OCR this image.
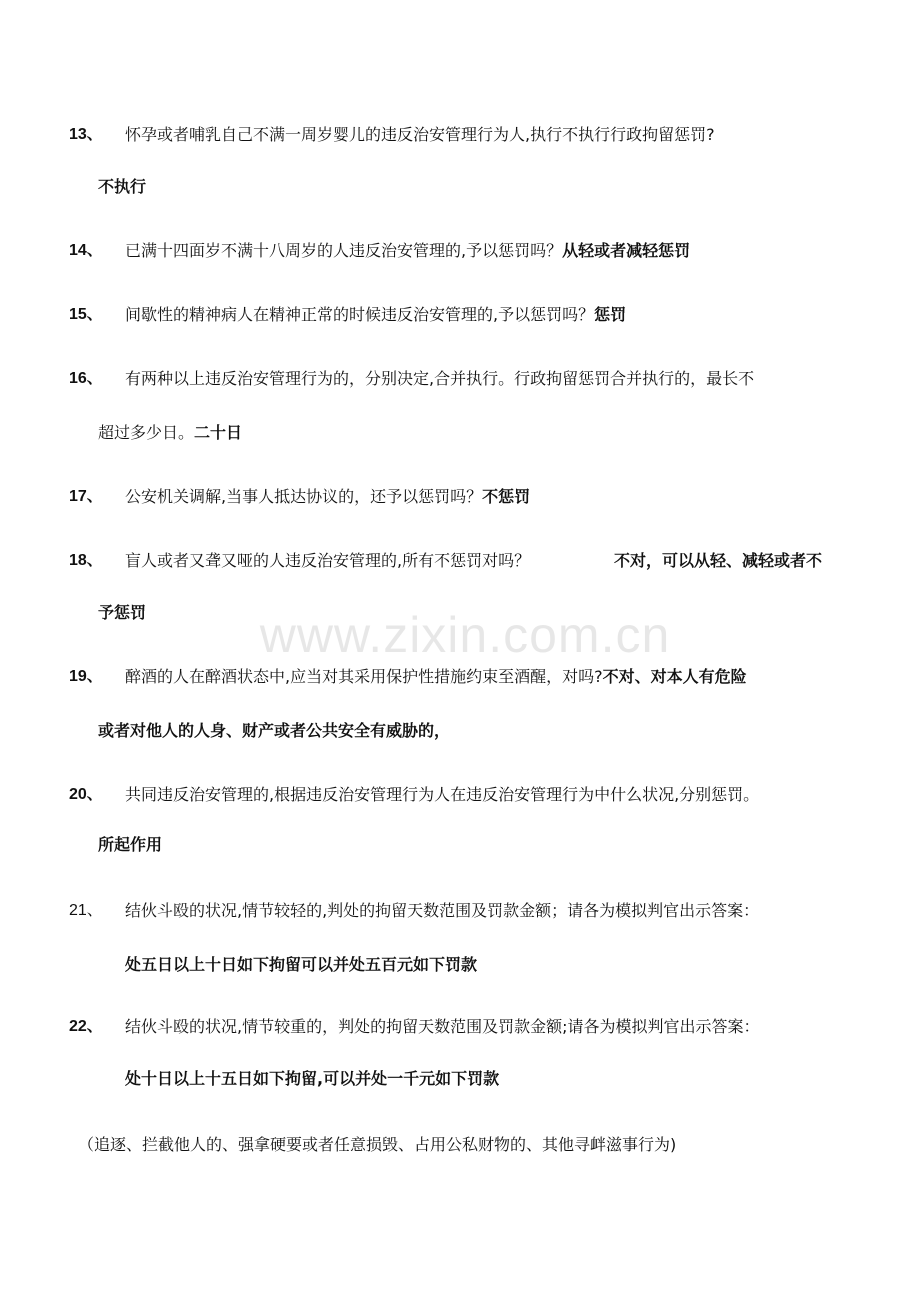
www.zixin.com.cn
13、 怀孕或者哺乳自己不满一周岁婴儿的违反治安管理行为人,执行不执行行政拘留惩罚?
不执行
14、 已满十四面岁不满十八周岁的人违反治安管理的,予以惩罚吗？从轻或者减轻惩罚
15、 间歇性的精神病人在精神正常的时候违反治安管理的,予以惩罚吗？惩罚
16、 有两种以上违反治安管理行为的，分别决定,合并执行。行政拘留惩罚合并执行的，最长不
超过多少日。二十日
17、 公安机关调解,当事人抵达协议的，还予以惩罚吗？不惩罚
18、 盲人或者又聋又哑的人违反治安管理的,所有不惩罚对吗？	不对，可以从轻、减轻或者不
予惩罚
19、 醉酒的人在醉酒状态中,应当对其采用保护性措施约束至酒醒，对吗?不对、对本人有危险
或者对他人的人身、财产或者公共安全有威胁的，
20、 共同违反治安管理的,根据违反治安管理行为人在违反治安管理行为中什么状况,分别惩罚。
所起作用
21、 结伙斗殴的状况,情节较轻的,判处的拘留天数范围及罚款金额；请各为模拟判官出示答案：
处五日以上十日如下拘留可以并处五百元如下罚款
22、 结伙斗殴的状况,情节较重的，判处的拘留天数范围及罚款金额;请各为模拟判官出示答案：
处十日以上十五日如下拘留,可以并处一千元如下罚款
（追逐、拦截他人的、强拿硬要或者任意损毁、占用公私财物的、其他寻衅滋事行为)
